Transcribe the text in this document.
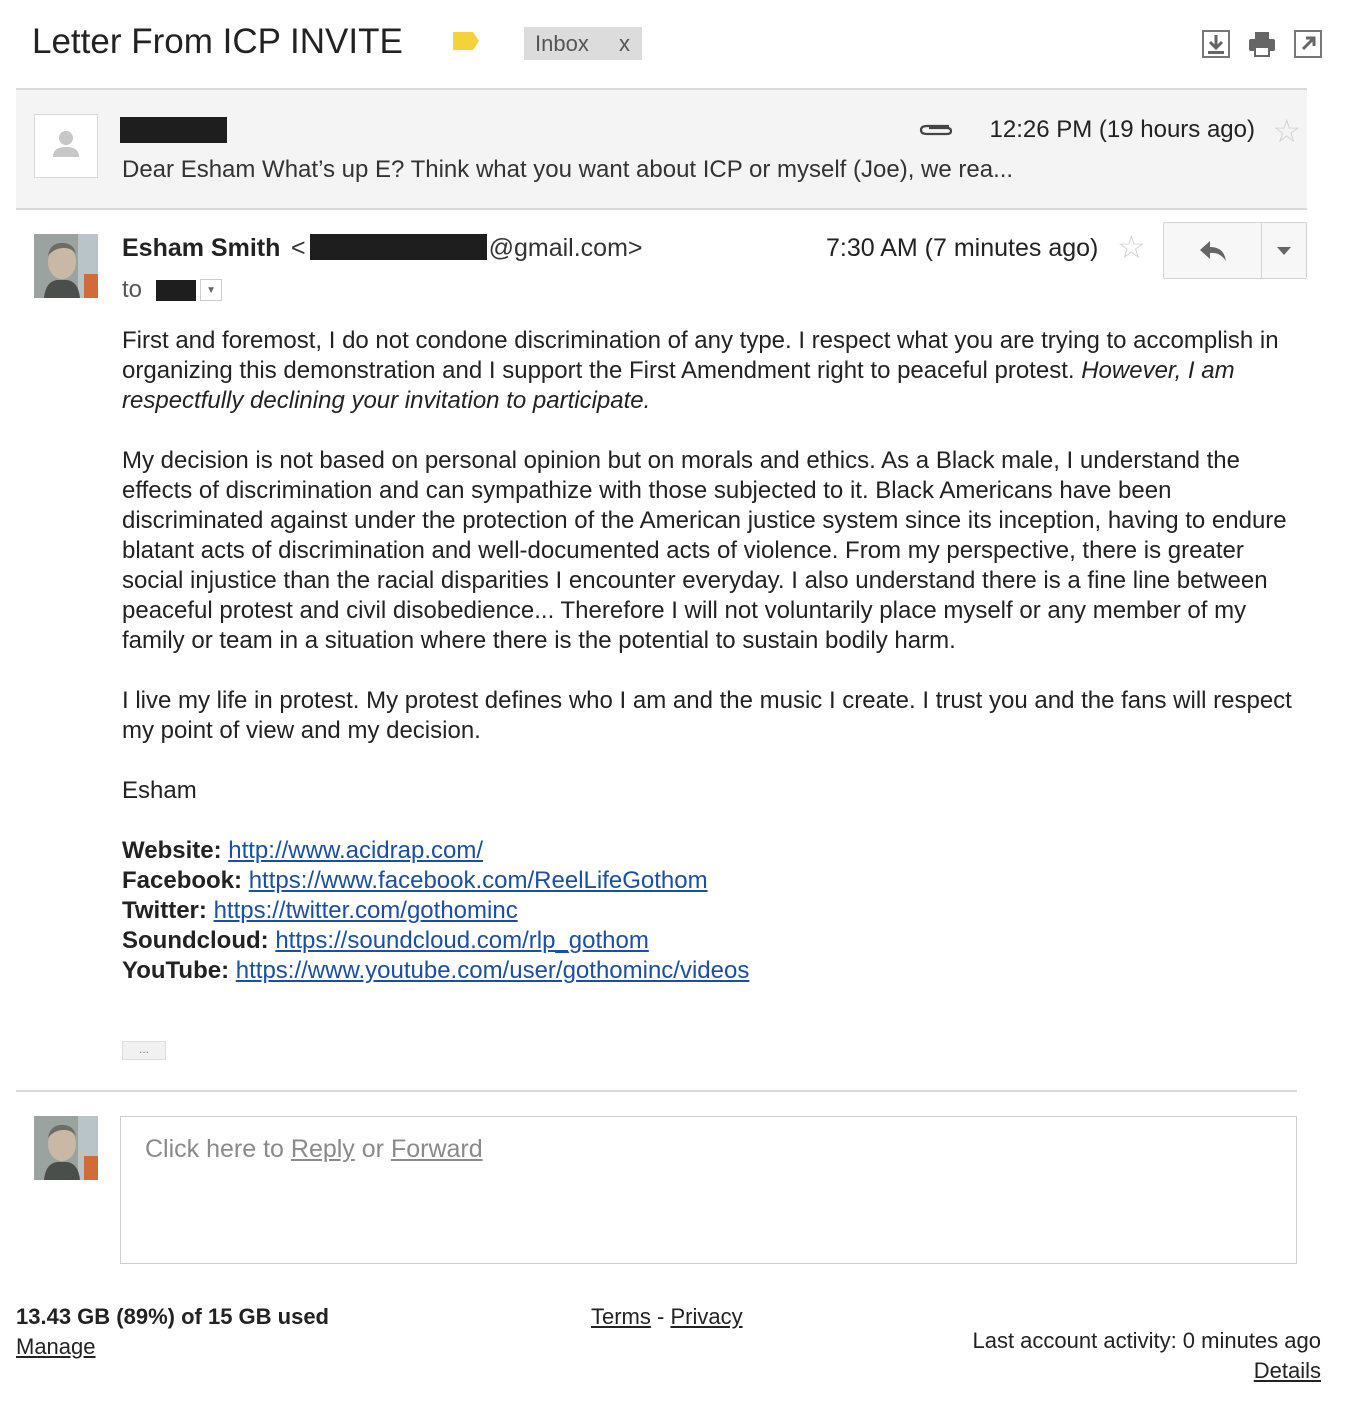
Letter From ICP INVITE	Inbox x
12:26 PM (19 hours ago) ☆
Dear Esham What’s up E? Think what you want about ICP or myself (Joe), we rea...
Esham Smith <	@gmail.com>
to	▼
7:30 AM (7 minutes ago) ☆

First and foremost, I do not condone discrimination of any type. I respect what you are trying to accomplish in organizing this demonstration and I support the First Amendment right to peaceful protest. However, I am respectfully declining your invitation to participate.

My decision is not based on personal opinion but on morals and ethics. As a Black male, I understand the effects of discrimination and can sympathize with those subjected to it. Black Americans have been discriminated against under the protection of the American justice system since its inception, having to endure blatant acts of discrimination and well-documented acts of violence. From my perspective, there is greater social injustice than the racial disparities I encounter everyday. I also understand there is a fine line between peaceful protest and civil disobedience... Therefore I will not voluntarily place myself or any member of my family or team in a situation where there is the potential to sustain bodily harm.

I live my life in protest. My protest defines who I am and the music I create. I trust you and the fans will respect my point of view and my decision.

Esham

Website: http://www.acidrap.com/
Facebook: https://www.facebook.com/ReelLifeGothom
Twitter: https://twitter.com/gothominc
Soundcloud: https://soundcloud.com/rlp_gothom
YouTube: https://www.youtube.com/user/gothominc/videos
...
Click here to Reply or Forward
13.43 GB (89%) of 15 GB used
Manage
Terms - Privacy
Last account activity: 0 minutes ago
Details
